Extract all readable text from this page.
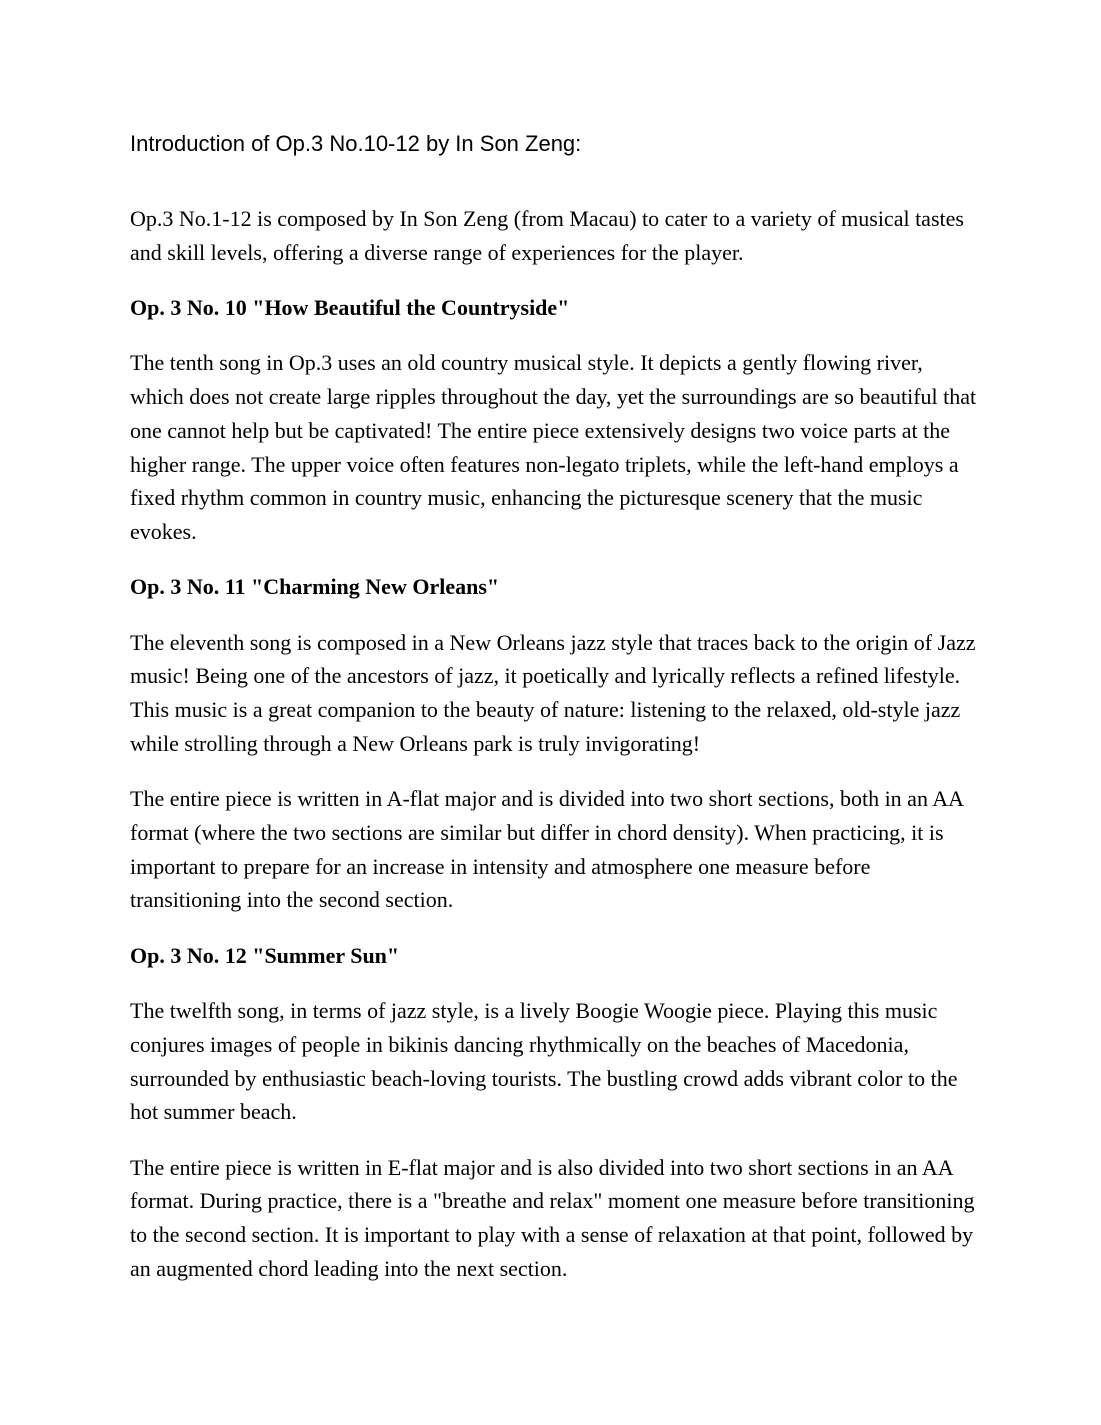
Introduction of Op.3 No.10-12 by In Son Zeng:

Op.3 No.1-12 is composed by In Son Zeng (from Macau) to cater to a variety of musical tastes and skill levels, offering a diverse range of experiences for the player.

Op. 3 No. 10 "How Beautiful the Countryside"

The tenth song in Op.3 uses an old country musical style. It depicts a gently flowing river, which does not create large ripples throughout the day, yet the surroundings are so beautiful that one cannot help but be captivated! The entire piece extensively designs two voice parts at the higher range. The upper voice often features non-legato triplets, while the left-hand employs a fixed rhythm common in country music, enhancing the picturesque scenery that the music evokes.

Op. 3 No. 11 "Charming New Orleans"

The eleventh song is composed in a New Orleans jazz style that traces back to the origin of Jazz music! Being one of the ancestors of jazz, it poetically and lyrically reflects a refined lifestyle. This music is a great companion to the beauty of nature: listening to the relaxed, old-style jazz while strolling through a New Orleans park is truly invigorating!

The entire piece is written in A-flat major and is divided into two short sections, both in an AA format (where the two sections are similar but differ in chord density). When practicing, it is important to prepare for an increase in intensity and atmosphere one measure before transitioning into the second section.

Op. 3 No. 12 "Summer Sun"

The twelfth song, in terms of jazz style, is a lively Boogie Woogie piece. Playing this music conjures images of people in bikinis dancing rhythmically on the beaches of Macedonia, surrounded by enthusiastic beach-loving tourists. The bustling crowd adds vibrant color to the hot summer beach.

The entire piece is written in E-flat major and is also divided into two short sections in an AA format. During practice, there is a "breathe and relax" moment one measure before transitioning to the second section. It is important to play with a sense of relaxation at that point, followed by an augmented chord leading into the next section.
